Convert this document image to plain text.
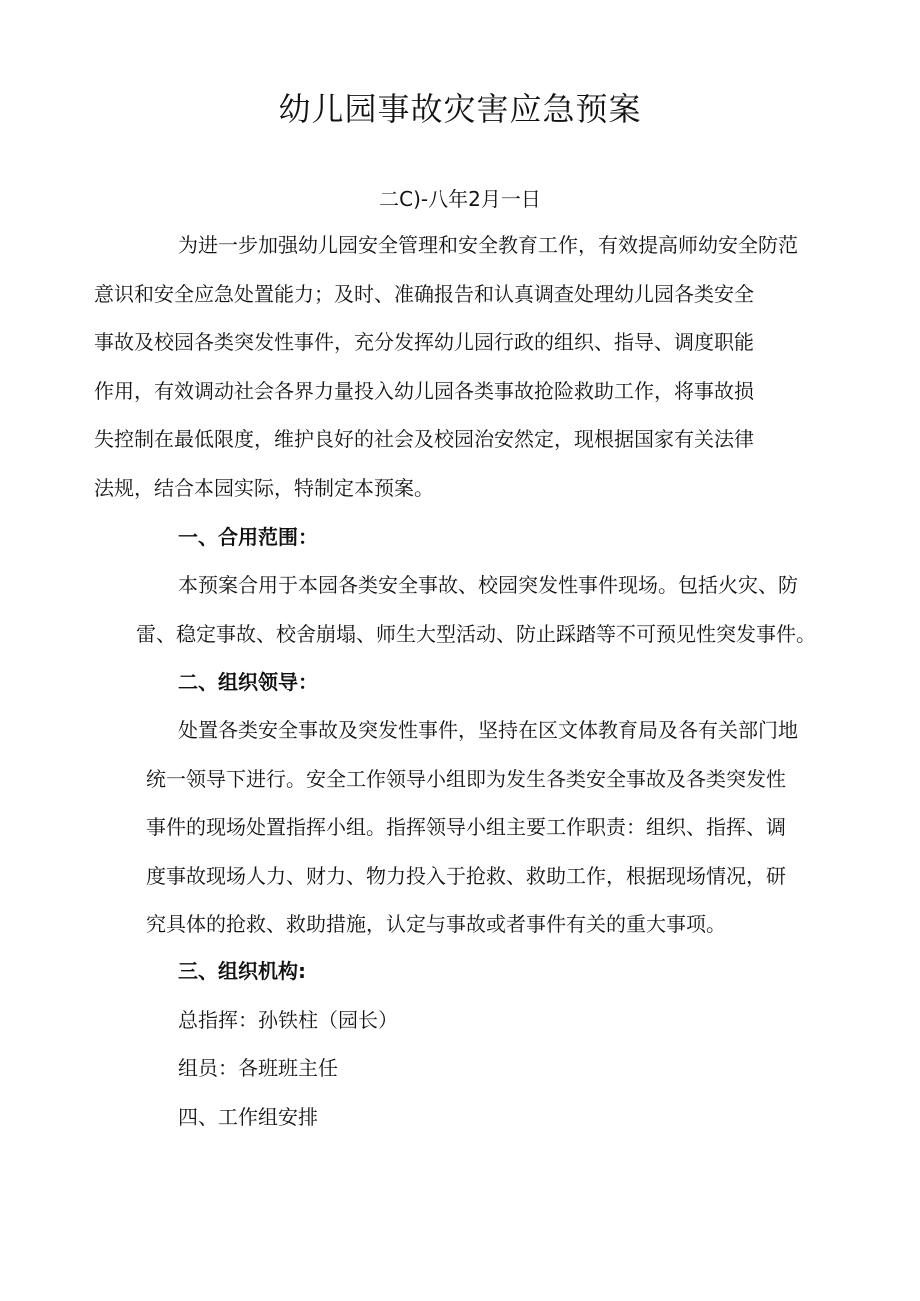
幼儿园事故灾害应急预案

二C)-八年2月一日

为进一步加强幼儿园安全管理和安全教育工作，有效提高师幼安全防范
意识和安全应急处置能力；及时、准确报告和认真调查处理幼儿园各类安全
事故及校园各类突发性事件，充分发挥幼儿园行政的组织、指导、调度职能
作用，有效调动社会各界力量投入幼儿园各类事故抢险救助工作，将事故损
失控制在最低限度，维护良好的社会及校园治安然定，现根据国家有关法律
法规，结合本园实际，特制定本预案。

一、合用范围：

本预案合用于本园各类安全事故、校园突发性事件现场。包括火灾、防
雷、稳定事故、校舍崩塌、师生大型活动、防止踩踏等不可预见性突发事件。

二、组织领导：

处置各类安全事故及突发性事件，坚持在区文体教育局及各有关部门地
统一领导下进行。安全工作领导小组即为发生各类安全事故及各类突发性
事件的现场处置指挥小组。指挥领导小组主要工作职责：组织、指挥、调
度事故现场人力、财力、物力投入于抢救、救助工作，根据现场情况，研
究具体的抢救、救助措施，认定与事故或者事件有关的重大事项。

三、组织机构:

总指挥：孙铁柱（园长）

组员：各班班主任

四、工作组安排
